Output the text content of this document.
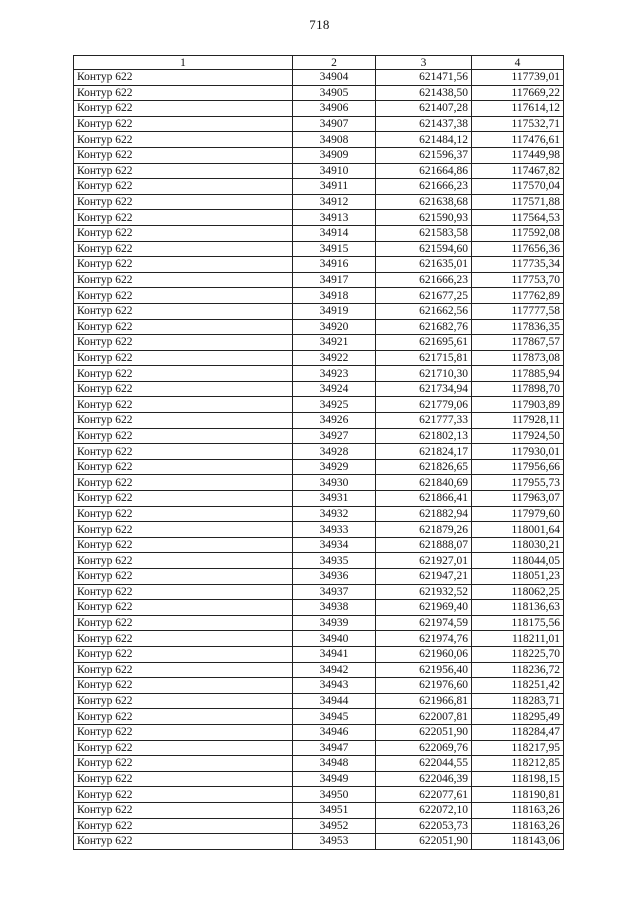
718
1	2	3	4
Контур 622	34904	621471,56	117739,01
Контур 622	34905	621438,50	117669,22
Контур 622	34906	621407,28	117614,12
Контур 622	34907	621437,38	117532,71
Контур 622	34908	621484,12	117476,61
Контур 622	34909	621596,37	117449,98
Контур 622	34910	621664,86	117467,82
Контур 622	34911	621666,23	117570,04
Контур 622	34912	621638,68	117571,88
Контур 622	34913	621590,93	117564,53
Контур 622	34914	621583,58	117592,08
Контур 622	34915	621594,60	117656,36
Контур 622	34916	621635,01	117735,34
Контур 622	34917	621666,23	117753,70
Контур 622	34918	621677,25	117762,89
Контур 622	34919	621662,56	117777,58
Контур 622	34920	621682,76	117836,35
Контур 622	34921	621695,61	117867,57
Контур 622	34922	621715,81	117873,08
Контур 622	34923	621710,30	117885,94
Контур 622	34924	621734,94	117898,70
Контур 622	34925	621779,06	117903,89
Контур 622	34926	621777,33	117928,11
Контур 622	34927	621802,13	117924,50
Контур 622	34928	621824,17	117930,01
Контур 622	34929	621826,65	117956,66
Контур 622	34930	621840,69	117955,73
Контур 622	34931	621866,41	117963,07
Контур 622	34932	621882,94	117979,60
Контур 622	34933	621879,26	118001,64
Контур 622	34934	621888,07	118030,21
Контур 622	34935	621927,01	118044,05
Контур 622	34936	621947,21	118051,23
Контур 622	34937	621932,52	118062,25
Контур 622	34938	621969,40	118136,63
Контур 622	34939	621974,59	118175,56
Контур 622	34940	621974,76	118211,01
Контур 622	34941	621960,06	118225,70
Контур 622	34942	621956,40	118236,72
Контур 622	34943	621976,60	118251,42
Контур 622	34944	621966,81	118283,71
Контур 622	34945	622007,81	118295,49
Контур 622	34946	622051,90	118284,47
Контур 622	34947	622069,76	118217,95
Контур 622	34948	622044,55	118212,85
Контур 622	34949	622046,39	118198,15
Контур 622	34950	622077,61	118190,81
Контур 622	34951	622072,10	118163,26
Контур 622	34952	622053,73	118163,26
Контур 622	34953	622051,90	118143,06
